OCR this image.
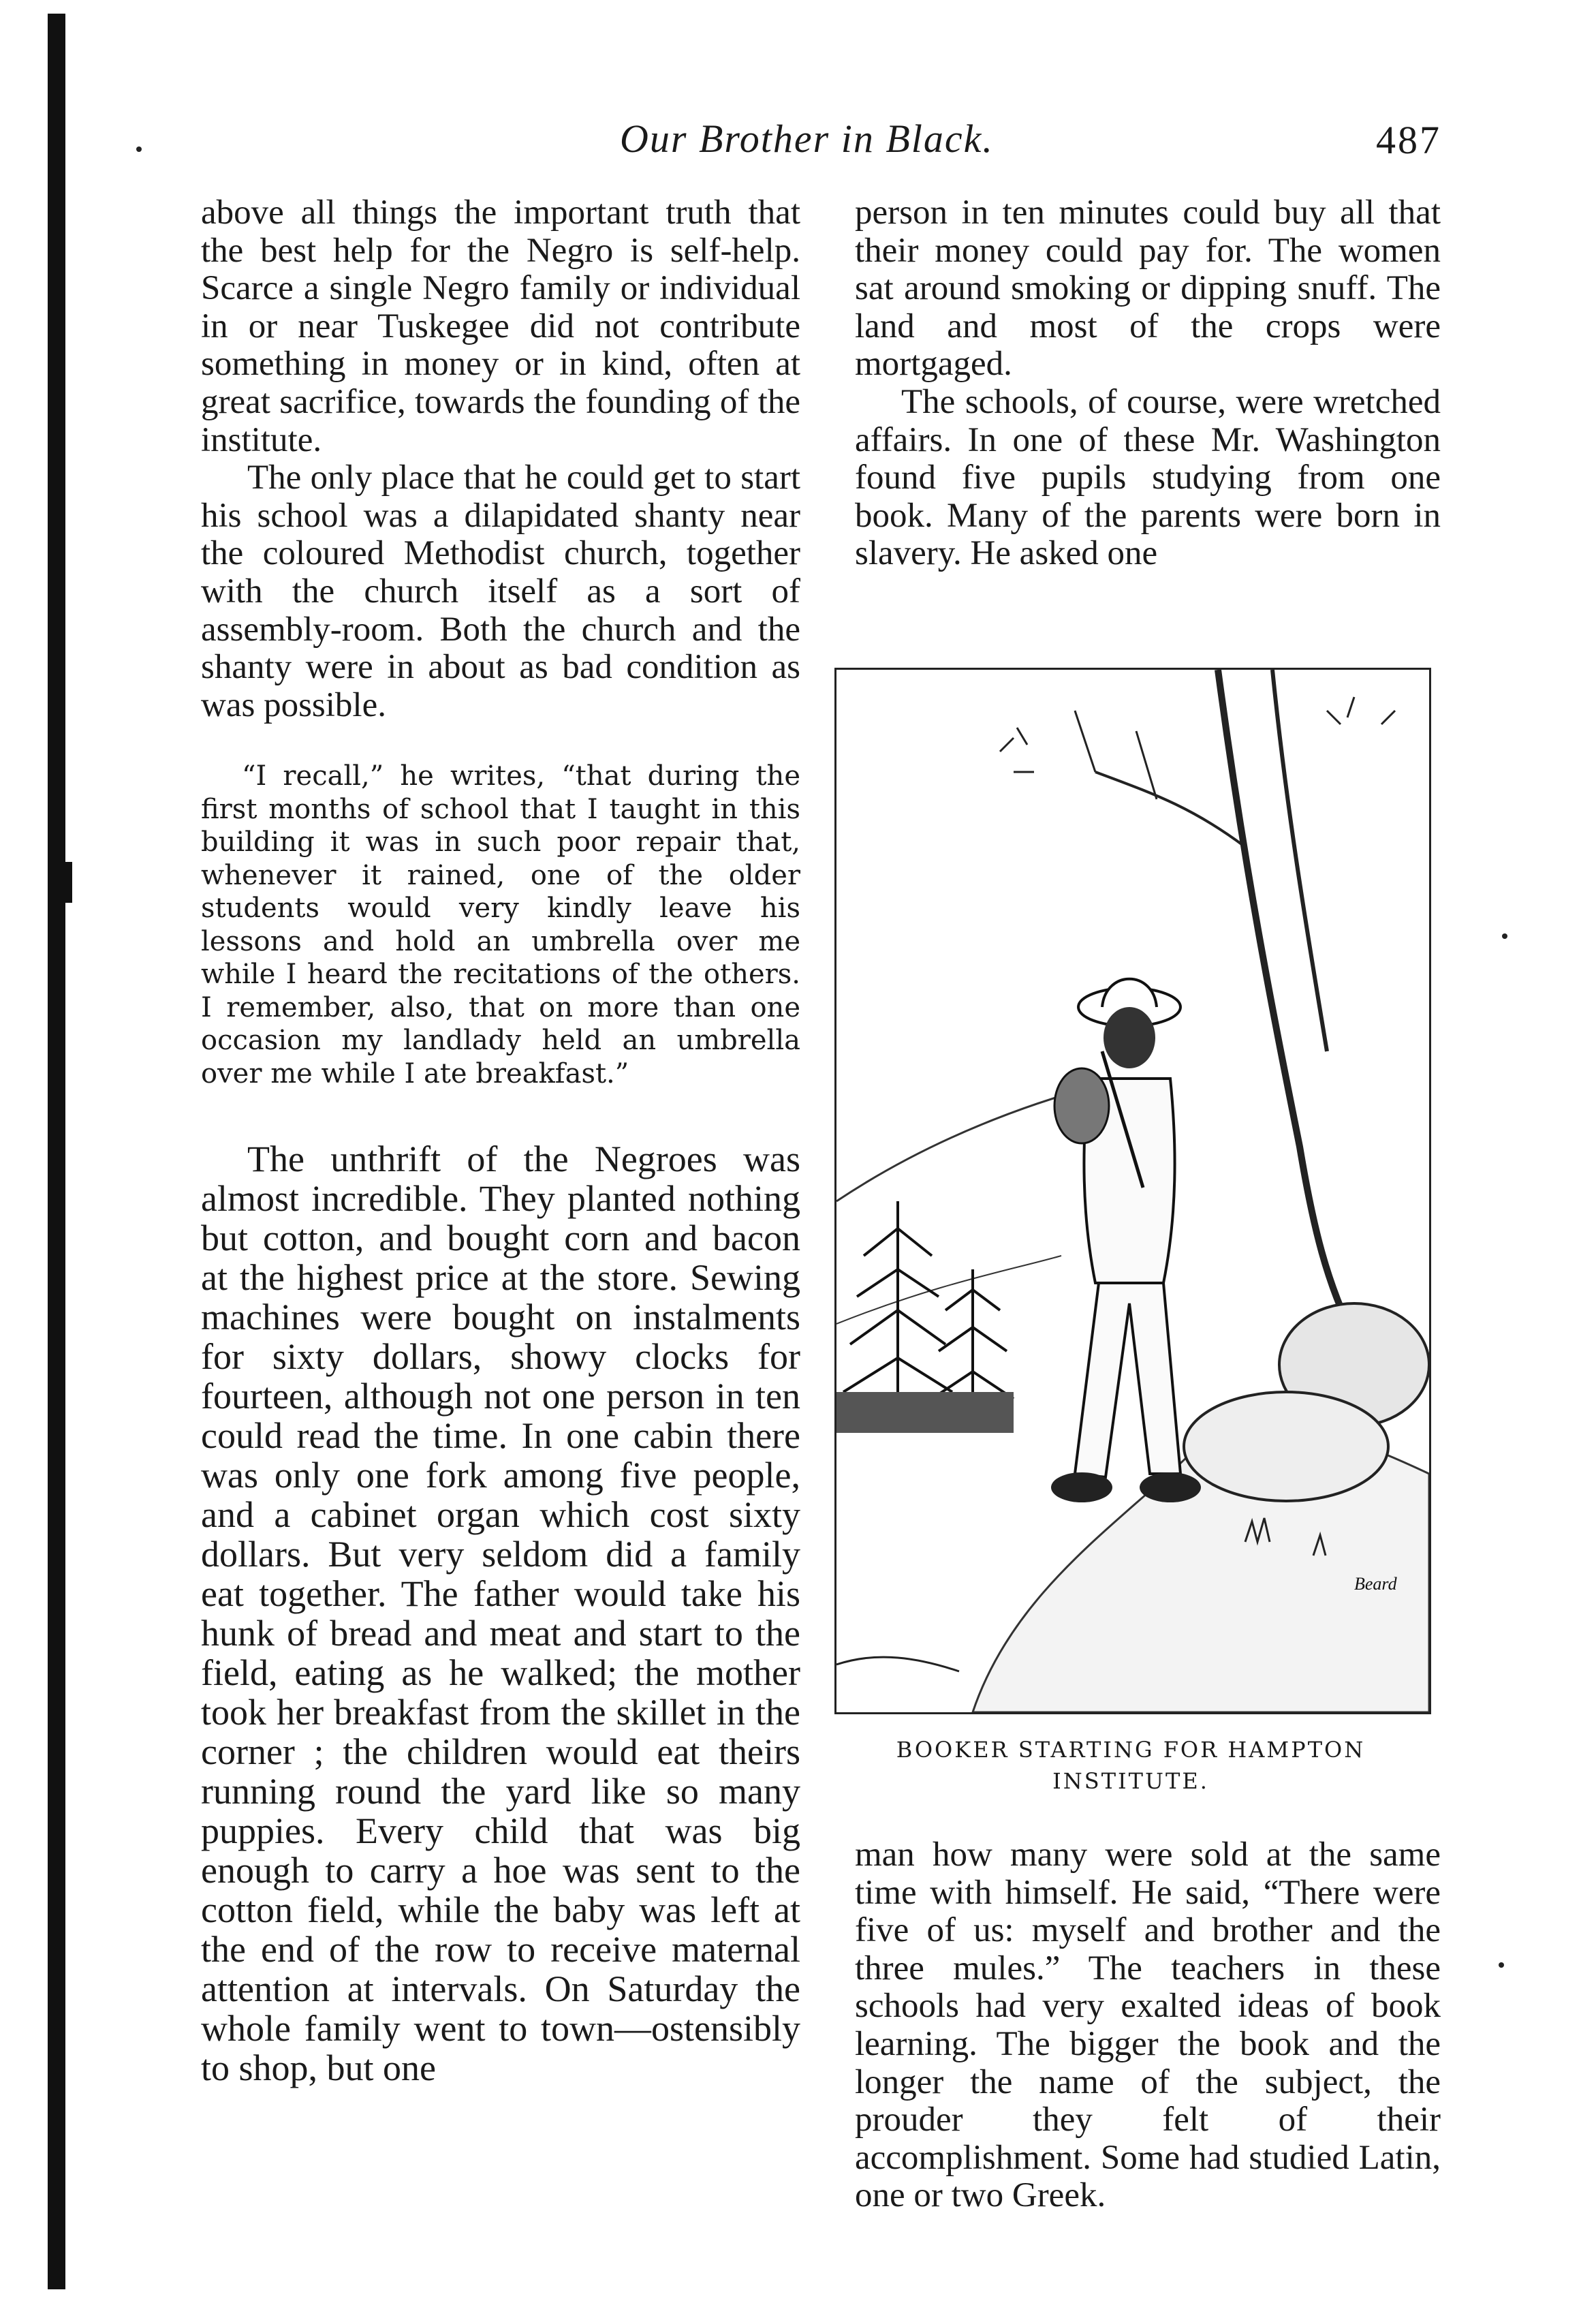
Our Brother in Black.	487

above all things the important truth that the best help for the Negro is self-help. Scarce a single Negro family or individual in or near Tuskegee did not contribute something in money or in kind, often at great sacrifice, towards the founding of the institute.

The only place that he could get to start his school was a dilapidated shanty near the coloured Methodist church, together with the church itself as a sort of assembly-room. Both the church and the shanty were in about as bad condition as was possible.

“I recall,” he writes, “that during the first months of school that I taught in this building it was in such poor repair that, whenever it rained, one of the older students would very kindly leave his lessons and hold an umbrella over me while I heard the recitations of the others. I remember, also, that on more than one occasion my landlady held an umbrella over me while I ate breakfast.”

The unthrift of the Negroes was almost incredible. They planted nothing but cotton, and bought corn and bacon at the highest price at the store. Sewing machines were bought on instalments for sixty dollars, showy clocks for fourteen, although not one person in ten could read the time. In one cabin there was only one fork among five people, and a cabinet organ which cost sixty dollars. But very seldom did a family eat together. The father would take his hunk of bread and meat and start to the field, eating as he walked; the mother took her breakfast from the skillet in the corner ; the children would eat theirs running round the yard like so many puppies. Every child that was big enough to carry a hoe was sent to the cotton field, while the baby was left at the end of the row to receive maternal attention at intervals. On Saturday the whole family went to town—ostensibly to shop, but one

person in ten minutes could buy all that their money could pay for. The women sat around smoking or dipping snuff. The land and most of the crops were mortgaged.

The schools, of course, were wretched affairs. In one of these Mr. Washington found five pupils studying from one book. Many of the parents were born in slavery. He asked one

Beard
BOOKER STARTING FOR HAMPTON
INSTITUTE.

man how many were sold at the same time with himself. He said, “There were five of us: myself and brother and the three mules.” The teachers in these schools had very exalted ideas of book learning. The bigger the book and the longer the name of the subject, the prouder they felt of their accomplishment. Some had studied Latin, one or two Greek.
